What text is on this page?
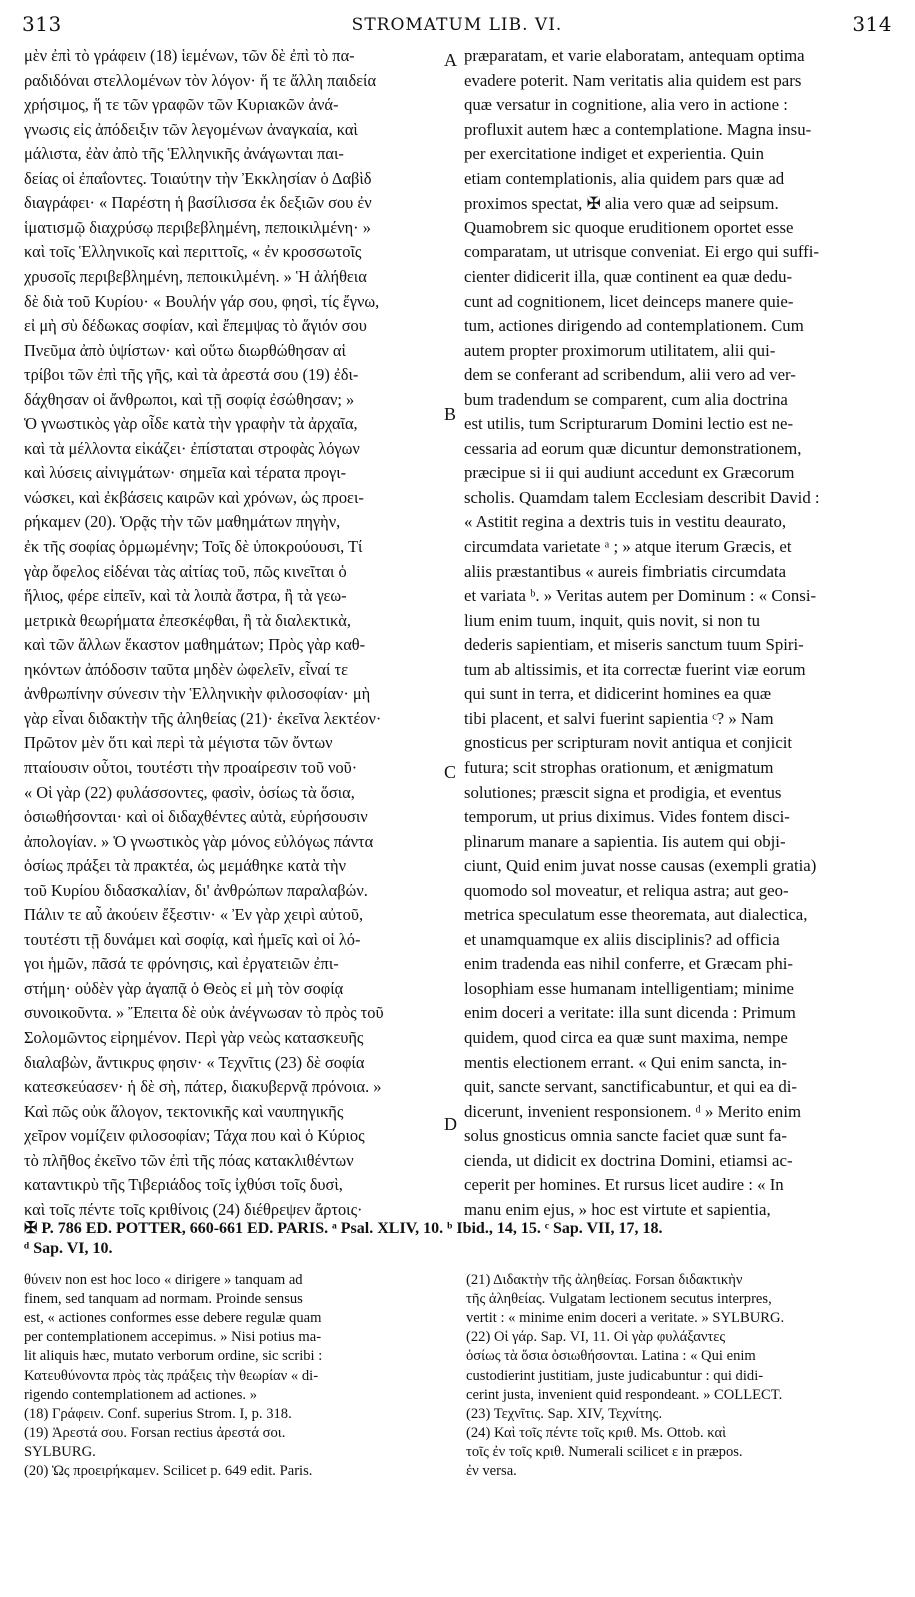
313	STROMATUM LIB. VI.	314
μὲν ἐπὶ τὸ γράφειν (18) ἱεμένων, τῶν δὲ ἐπὶ τὸ πα-
ραδιδόναι στελλομένων τὸν λόγον· ἥ τε ἄλλη παιδεία
χρήσιμος, ἥ τε τῶν γραφῶν τῶν Κυριακῶν ἀνά-
γνωσις εἰς ἀπόδειξιν τῶν λεγομένων ἀναγκαία, καὶ
μάλιστα, ἐὰν ἀπὸ τῆς Ἑλληνικῆς ἀνάγωνται παι-
δείας οἱ ἐπαΐοντες. Τοιαύτην τὴν Ἐκκλησίαν ὁ Δαβὶδ
διαγράφει· « Παρέστη ἡ βασίλισσα ἐκ δεξιῶν σου ἐν
ἱματισμῷ διαχρύσῳ περιβεβλημένη, πεποικιλμένη· »
καὶ τοῖς Ἑλληνικοῖς καὶ περιττοῖς, « ἐν κροσσωτοῖς
χρυσοῖς περιβεβλημένη, πεποικιλμένη. » Ἡ ἀλήθεια
δὲ διὰ τοῦ Κυρίου· « Βουλήν γάρ σου, φησὶ, τίς ἔγνω,
εἰ μὴ σὺ δέδωκας σοφίαν, καὶ ἔπεμψας τὸ ἅγιόν σου
Πνεῦμα ἀπὸ ὑψίστων· καὶ οὕτω διωρθώθησαν αἱ
τρίβοι τῶν ἐπὶ τῆς γῆς, καὶ τὰ ἀρεστά σου (19) ἐδι-
δάχθησαν οἱ ἄνθρωποι, καὶ τῇ σοφίᾳ ἐσώθησαν; »
Ὁ γνωστικὸς γὰρ οἶδε κατὰ τὴν γραφὴν τὰ ἀρχαῖα,
καὶ τὰ μέλλοντα εἰκάζει· ἐπίσταται στροφὰς λόγων
καὶ λύσεις αἰνιγμάτων· σημεῖα καὶ τέρατα προγι-
νώσκει, καὶ ἐκβάσεις καιρῶν καὶ χρόνων, ὡς προει-
ρήκαμεν (20). Ὁρᾷς τὴν τῶν μαθημάτων πηγὴν,
ἐκ τῆς σοφίας ὁρμωμένην; Τοῖς δὲ ὑποκρούουσι, Τί
γὰρ ὄφελος εἰδέναι τὰς αἰτίας τοῦ, πῶς κινεῖται ὁ
ἥλιος, φέρε εἰπεῖν, καὶ τὰ λοιπὰ ἄστρα, ἢ τὰ γεω-
μετρικὰ θεωρήματα ἐπεσκέφθαι, ἢ τὰ διαλεκτικὰ,
καὶ τῶν ἄλλων ἕκαστον μαθημάτων; Πρὸς γὰρ καθ-
ηκόντων ἀπόδοσιν ταῦτα μηδὲν ὠφελεῖν, εἶναί τε
ἀνθρωπίνην σύνεσιν τὴν Ἑλληνικὴν φιλοσοφίαν· μὴ
γὰρ εἶναι διδακτὴν τῆς ἀληθείας (21)· ἐκεῖνα λεκτέον·
Πρῶτον μὲν ὅτι καὶ περὶ τὰ μέγιστα τῶν ὄντων
πταίουσιν οὗτοι, τουτέστι τὴν προαίρεσιν τοῦ νοῦ·
« Οἱ γὰρ (22) φυλάσσοντες, φασὶν, ὁσίως τὰ ὅσια,
ὁσιωθήσονται· καὶ οἱ διδαχθέντες αὐτὰ, εὑρήσουσιν
ἀπολογίαν. » Ὁ γνωστικὸς γὰρ μόνος εὐλόγως πάντα
ὁσίως πράξει τὰ πρακτέα, ὡς μεμάθηκε κατὰ τὴν
τοῦ Κυρίου διδασκαλίαν, δι' ἀνθρώπων παραλαβών.
Πάλιν τε αὖ ἀκούειν ἔξεστιν· « Ἐν γὰρ χειρὶ αὐτοῦ,
τουτέστι τῇ δυνάμει καὶ σοφίᾳ, καὶ ἡμεῖς καὶ οἱ λό-
γοι ἡμῶν, πᾶσά τε φρόνησις, καὶ ἐργατειῶν ἐπι-
στήμη· οὐδὲν γὰρ ἀγαπᾷ ὁ Θεὸς εἰ μὴ τὸν σοφίᾳ
συνοικοῦντα. » Ἔπειτα δὲ οὐκ ἀνέγνωσαν τὸ πρὸς τοῦ
Σολομῶντος εἰρημένον. Περὶ γὰρ νεὼς κατασκευῆς
διαλαβὼν, ἄντικρυς φησιν· « Τεχνῖτις (23) δὲ σοφία
κατεσκεύασεν· ἡ δὲ σὴ, πάτερ, διακυβερνᾷ πρόνοια. »
Καὶ πῶς οὐκ ἄλογον, τεκτονικῆς καὶ ναυπηγικῆς
χεῖρον νομίζειν φιλοσοφίαν; Τάχα που καὶ ὁ Κύριος
τὸ πλῆθος ἐκεῖνο τῶν ἐπὶ τῆς πόας κατακλιθέντων
καταντικρὺ τῆς Τιβεριάδος τοῖς ἰχθύσι τοῖς δυσὶ,
καὶ τοῖς πέντε τοῖς κριθίνοις (24) διέθρεψεν ἄρτοις·
præparatam, et varie elaboratam, antequam optima
evadere poterit. Nam veritatis alia quidem est pars
quæ versatur in cognitione, alia vero in actione :
profluxit autem hæc a contemplatione. Magna insu-
per exercitatione indiget et experientia. Quin
etiam contemplationis, alia quidem pars quæ ad
proximos spectat, ✠ alia vero quæ ad seipsum.
Quamobrem sic quoque eruditionem oportet esse
comparatam, ut utrisque conveniat. Ei ergo qui suffi-
cienter didicerit illa, quæ continent ea quæ dedu-
cunt ad cognitionem, licet deinceps manere quie-
tum, actiones dirigendo ad contemplationem. Cum
autem propter proximorum utilitatem, alii qui-
dem se conferant ad scribendum, alii vero ad ver-
bum tradendum se comparent, cum alia doctrina
est utilis, tum Scripturarum Domini lectio est ne-
cessaria ad eorum quæ dicuntur demonstrationem,
præcipue si ii qui audiunt accedunt ex Græcorum
scholis. Quamdam talem Ecclesiam describit David :
« Astitit regina a dextris tuis in vestitu deaurato,
circumdata varietate ᵃ ; » atque iterum Græcis, et
aliis præstantibus « aureis fimbriatis circumdata
et variata ᵇ. » Veritas autem per Dominum : « Consi-
lium enim tuum, inquit, quis novit, si non tu
dederis sapientiam, et miseris sanctum tuum Spiri-
tum ab altissimis, et ita correctæ fuerint viæ eorum
qui sunt in terra, et didicerint homines ea quæ
tibi placent, et salvi fuerint sapientia ᶜ? » Nam
gnosticus per scripturam novit antiqua et conjicit
futura; scit strophas orationum, et ænigmatum
solutiones; præscit signa et prodigia, et eventus
temporum, ut prius diximus. Vides fontem disci-
plinarum manare a sapientia. Iis autem qui obji-
ciunt, Quid enim juvat nosse causas (exempli gratia)
quomodo sol moveatur, et reliqua astra; aut geo-
metrica speculatum esse theoremata, aut dialectica,
et unamquamque ex aliis disciplinis? ad officia
enim tradenda eas nihil conferre, et Græcam phi-
losophiam esse humanam intelligentiam; minime
enim doceri a veritate: illa sunt dicenda : Primum
quidem, quod circa ea quæ sunt maxima, nempe
mentis electionem errant. « Qui enim sancta, in-
quit, sancte servant, sanctificabuntur, et qui ea di-
dicerunt, invenient responsionem. ᵈ » Merito enim
solus gnosticus omnia sancte faciet quæ sunt fa-
cienda, ut didicit ex doctrina Domini, etiamsi ac-
ceperit per homines. Et rursus licet audire : « In
manu enim ejus, » hoc est virtute et sapientia,
A
B
C
D
✠ P. 786 ED. POTTER, 660-661 ED. PARIS. ᵃ Psal. XLIV, 10. ᵇ Ibid., 14, 15. ᶜ Sap. VII, 17, 18.
ᵈ Sap. VI, 10.
θύνειν non est hoc loco « dirigere » tanquam ad
finem, sed tanquam ad normam. Proinde sensus
est, « actiones conformes esse debere regulæ quam
per contemplationem accepimus. » Nisi potius ma-
lit aliquis hæc, mutato verborum ordine, sic scribi :
Κατευθύνοντα πρὸς τὰς πράξεις τὴν θεωρίαν « di-
rigendo contemplationem ad actiones. »
(18) Γράφειν. Conf. superius Strom. I, p. 318.
(19) Ἀρεστά σου. Forsan rectius ἀρεστά σοι.
SYLBURG.
(20) Ὡς προειρήκαμεν. Scilicet p. 649 edit. Paris.
(21) Διδακτὴν τῆς ἀληθείας. Forsan διδακτικὴν
τῆς ἀληθείας. Vulgatam lectionem secutus interpres,
vertit : « minime enim doceri a veritate. » SYLBURG.
(22) Οἱ γάρ. Sap. VI, 11. Οἱ γὰρ φυλάξαντες
ὁσίως τὰ ὅσια ὁσιωθήσονται. Latina : « Qui enim
custodierint justitiam, juste judicabuntur : qui didi-
cerint justa, invenient quid respondeant. » COLLECT.
(23) Τεχνῖτις. Sap. XIV, Τεχνίτης.
(24) Καὶ τοῖς πέντε τοῖς κριθ. Ms. Ottob. καὶ
τοῖς ἐν τοῖς κριθ. Numerali scilicet ε in præpos.
ἐν versa.
